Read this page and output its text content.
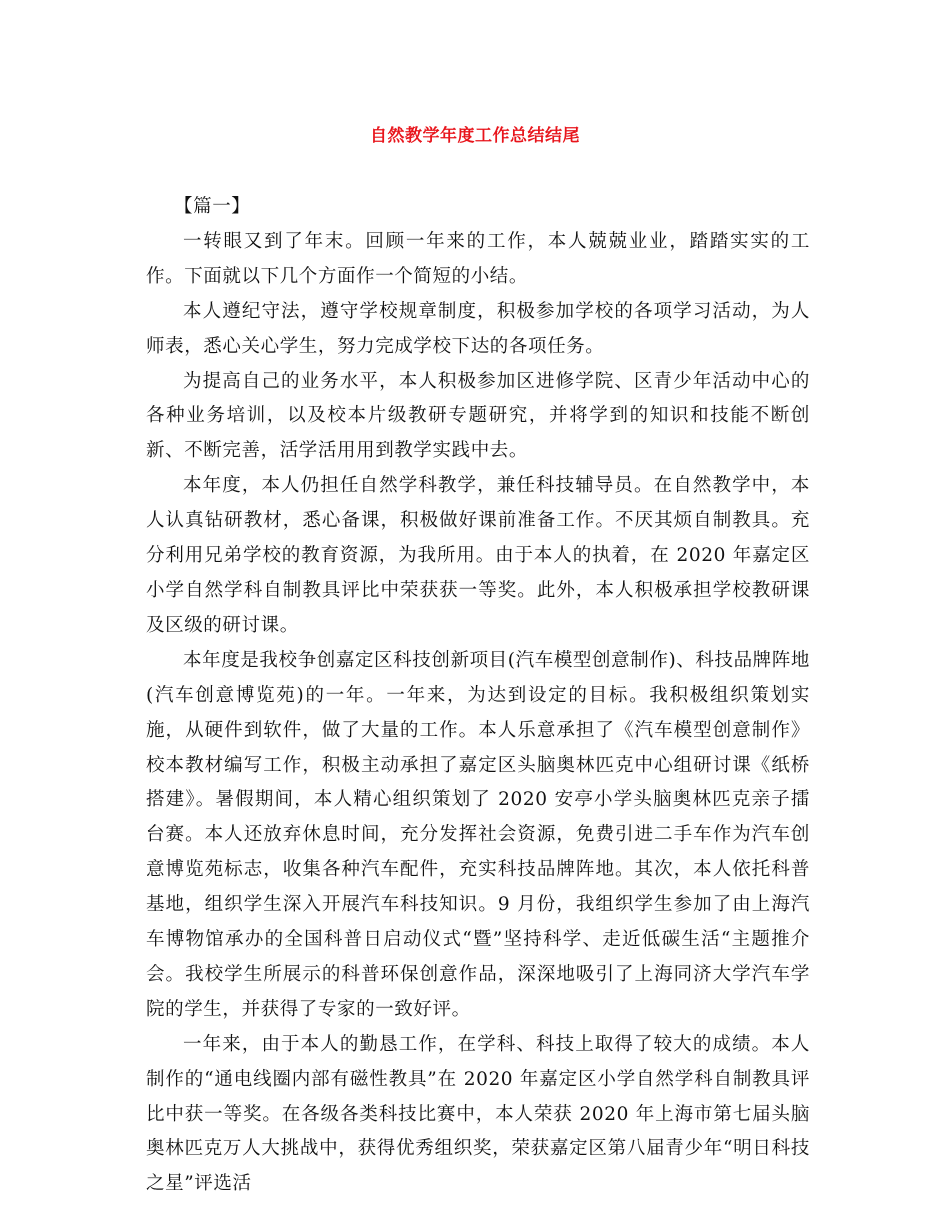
自然教学年度工作总结结尾

【篇一】

一转眼又到了年末。回顾一年来的工作，本人兢兢业业，踏踏实实的工作。下面就以下几个方面作一个简短的小结。

本人遵纪守法，遵守学校规章制度，积极参加学校的各项学习活动，为人师表，悉心关心学生，努力完成学校下达的各项任务。

为提高自己的业务水平，本人积极参加区进修学院、区青少年活动中心的各种业务培训，以及校本片级教研专题研究，并将学到的知识和技能不断创新、不断完善，活学活用用到教学实践中去。

本年度，本人仍担任自然学科教学，兼任科技辅导员。在自然教学中，本人认真钻研教材，悉心备课，积极做好课前准备工作。不厌其烦自制教具。充分利用兄弟学校的教育资源，为我所用。由于本人的执着，在 2020 年嘉定区小学自然学科自制教具评比中荣获获一等奖。此外，本人积极承担学校教研课及区级的研讨课。

本年度是我校争创嘉定区科技创新项目(汽车模型创意制作)、科技品牌阵地(汽车创意博览苑)的一年。一年来，为达到设定的目标。我积极组织策划实施，从硬件到软件，做了大量的工作。本人乐意承担了《汽车模型创意制作》校本教材编写工作，积极主动承担了嘉定区头脑奥林匹克中心组研讨课《纸桥搭建》。暑假期间，本人精心组织策划了 2020 安亭小学头脑奥林匹克亲子擂台赛。本人还放弃休息时间，充分发挥社会资源，免费引进二手车作为汽车创意博览苑标志，收集各种汽车配件，充实科技品牌阵地。其次，本人依托科普基地，组织学生深入开展汽车科技知识。9 月份，我组织学生参加了由上海汽车博物馆承办的全国科普日启动仪式“暨”坚持科学、走近低碳生活“主题推介会。我校学生所展示的科普环保创意作品，深深地吸引了上海同济大学汽车学院的学生，并获得了专家的一致好评。

一年来，由于本人的勤恳工作，在学科、科技上取得了较大的成绩。本人制作的“通电线圈内部有磁性教具”在 2020 年嘉定区小学自然学科自制教具评比中获一等奖。在各级各类科技比赛中，本人荣获 2020 年上海市第七届头脑奥林匹克万人大挑战中，获得优秀组织奖，荣获嘉定区第八届青少年“明日科技之星”评选活
